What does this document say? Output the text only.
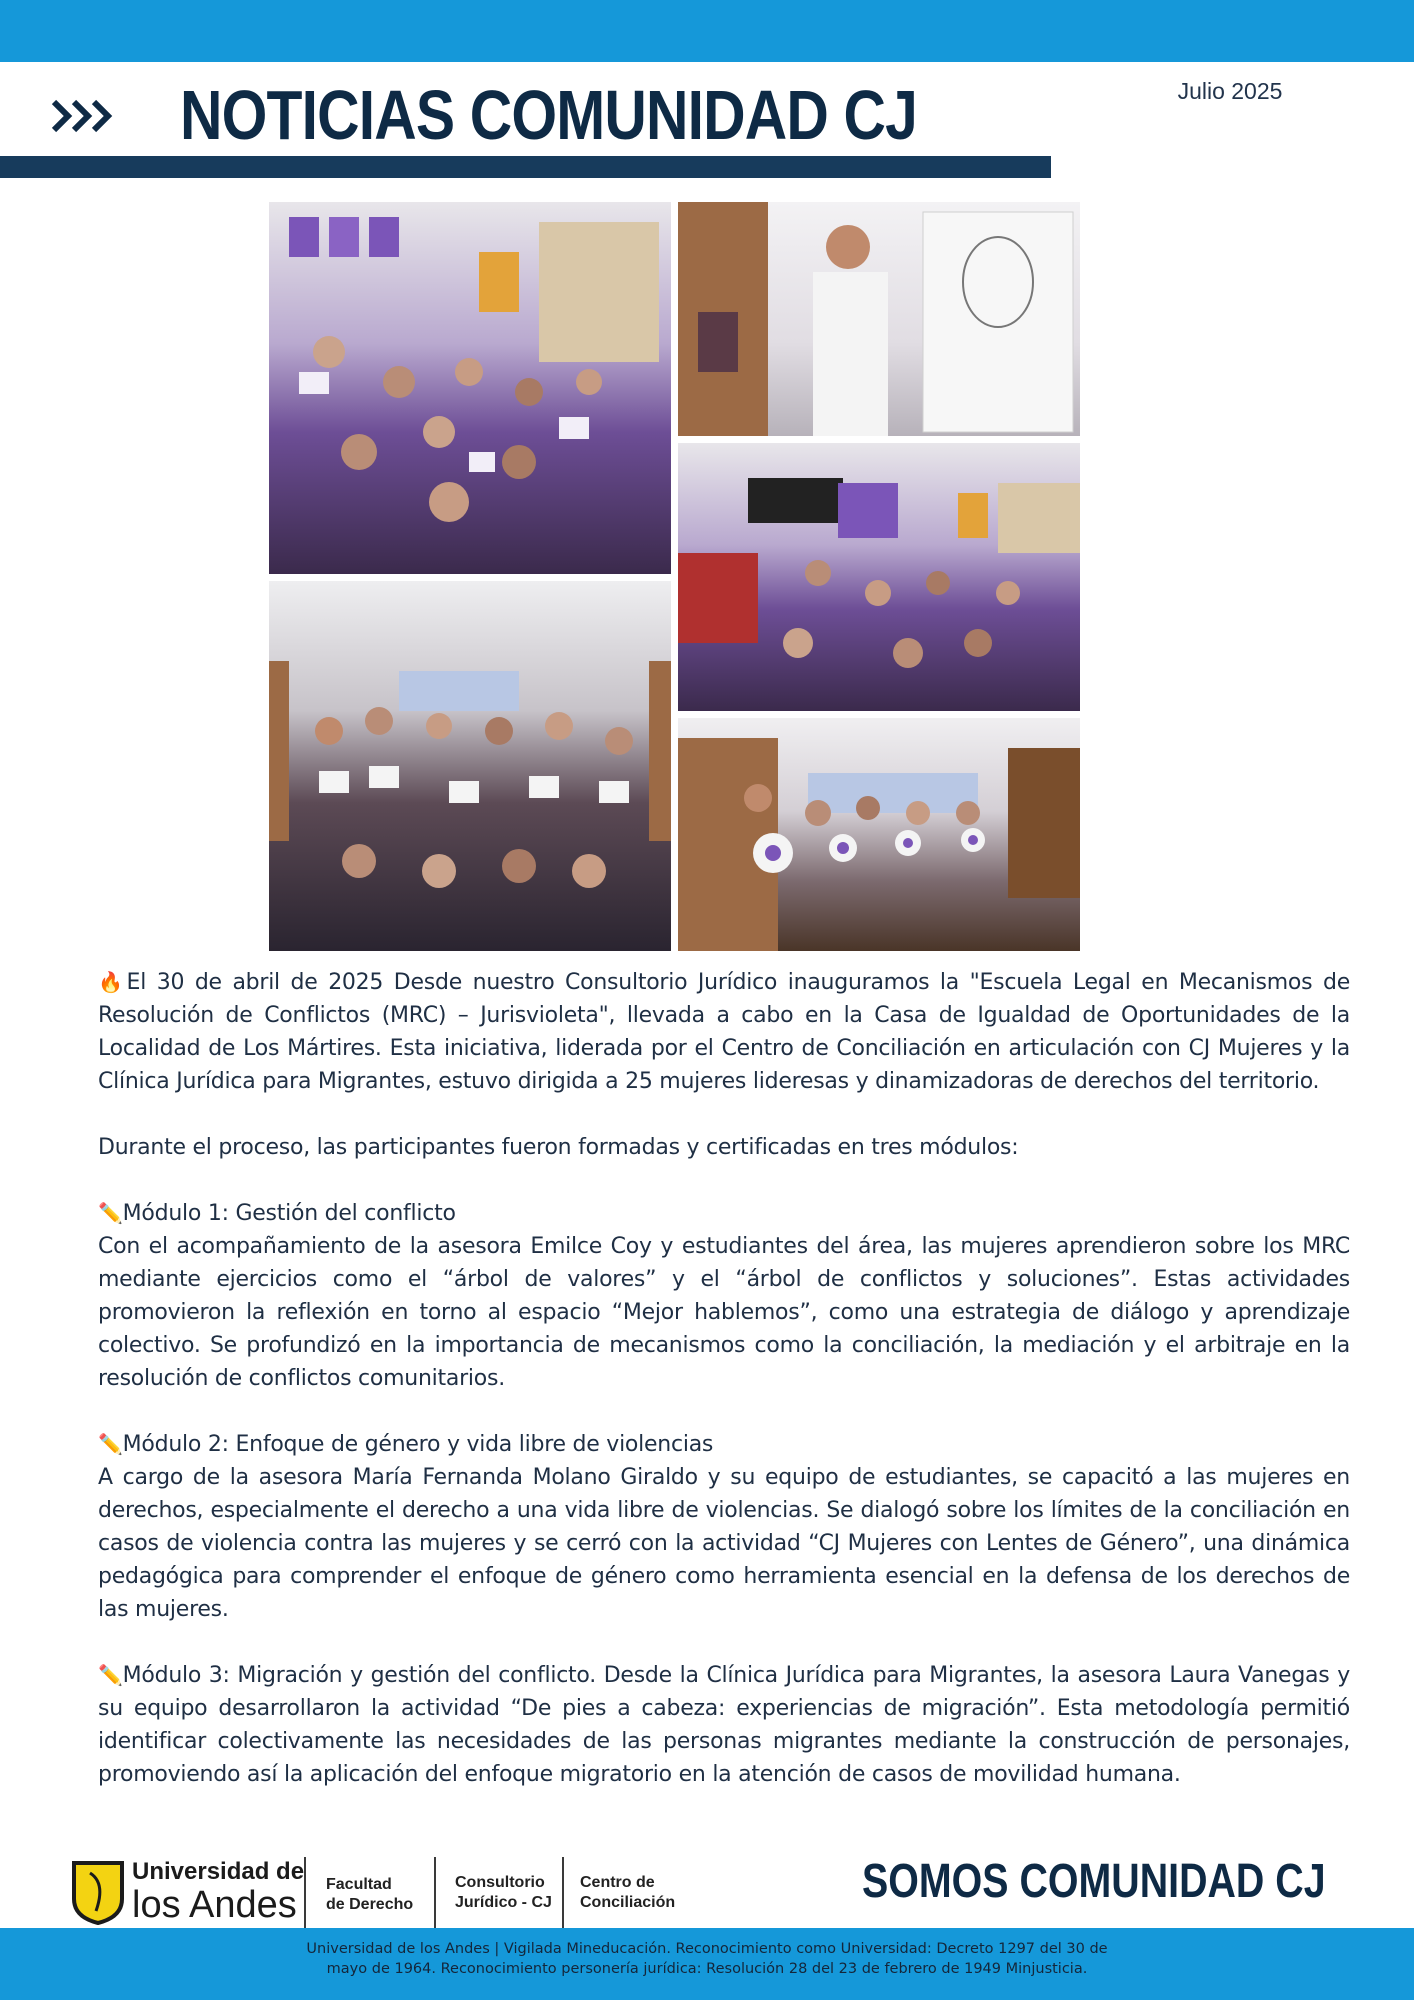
NOTICIAS COMUNIDAD CJ	Julio 2025

🔥El 30 de abril de 2025 Desde nuestro Consultorio Jurídico inauguramos la "Escuela Legal en Mecanismos de Resolución de Conflictos (MRC) – Jurisvioleta", llevada a cabo en la Casa de Igualdad de Oportunidades de la Localidad de Los Mártires. Esta iniciativa, liderada por el Centro de Conciliación en articulación con CJ Mujeres y la Clínica Jurídica para Migrantes, estuvo dirigida a 25 mujeres lideresas y dinamizadoras de derechos del territorio.

Durante el proceso, las participantes fueron formadas y certificadas en tres módulos:

✏️Módulo 1: Gestión del conflicto

Con el acompañamiento de la asesora Emilce Coy y estudiantes del área, las mujeres aprendieron sobre los MRC mediante ejercicios como el “árbol de valores” y el “árbol de conflictos y soluciones”. Estas actividades promovieron la reflexión en torno al espacio “Mejor hablemos”, como una estrategia de diálogo y aprendizaje colectivo. Se profundizó en la importancia de mecanismos como la conciliación, la mediación y el arbitraje en la resolución de conflictos comunitarios.

✏️Módulo 2: Enfoque de género y vida libre de violencias

A cargo de la asesora María Fernanda Molano Giraldo y su equipo de estudiantes, se capacitó a las mujeres en derechos, especialmente el derecho a una vida libre de violencias. Se dialogó sobre los límites de la conciliación en casos de violencia contra las mujeres y se cerró con la actividad “CJ Mujeres con Lentes de Género”, una dinámica pedagógica para comprender el enfoque de género como herramienta esencial en la defensa de los derechos de las mujeres.

✏️Módulo 3: Migración y gestión del conflicto. Desde la Clínica Jurídica para Migrantes, la asesora Laura Vanegas y su equipo desarrollaron la actividad “De pies a cabeza: experiencias de migración”. Esta metodología permitió identificar colectivamente las necesidades de las personas migrantes mediante la construcción de personajes, promoviendo así la aplicación del enfoque migratorio en la atención de casos de movilidad humana.

Universidad de
los Andes	Facultad
de Derecho
Consultorio
Jurídico - CJ
Centro de
Conciliación	SOMOS COMUNIDAD CJ
Universidad de los Andes | Vigilada Mineducación. Reconocimiento como Universidad: Decreto 1297 del 30 de
mayo de 1964. Reconocimiento personería jurídica: Resolución 28 del 23 de febrero de 1949 Minjusticia.
